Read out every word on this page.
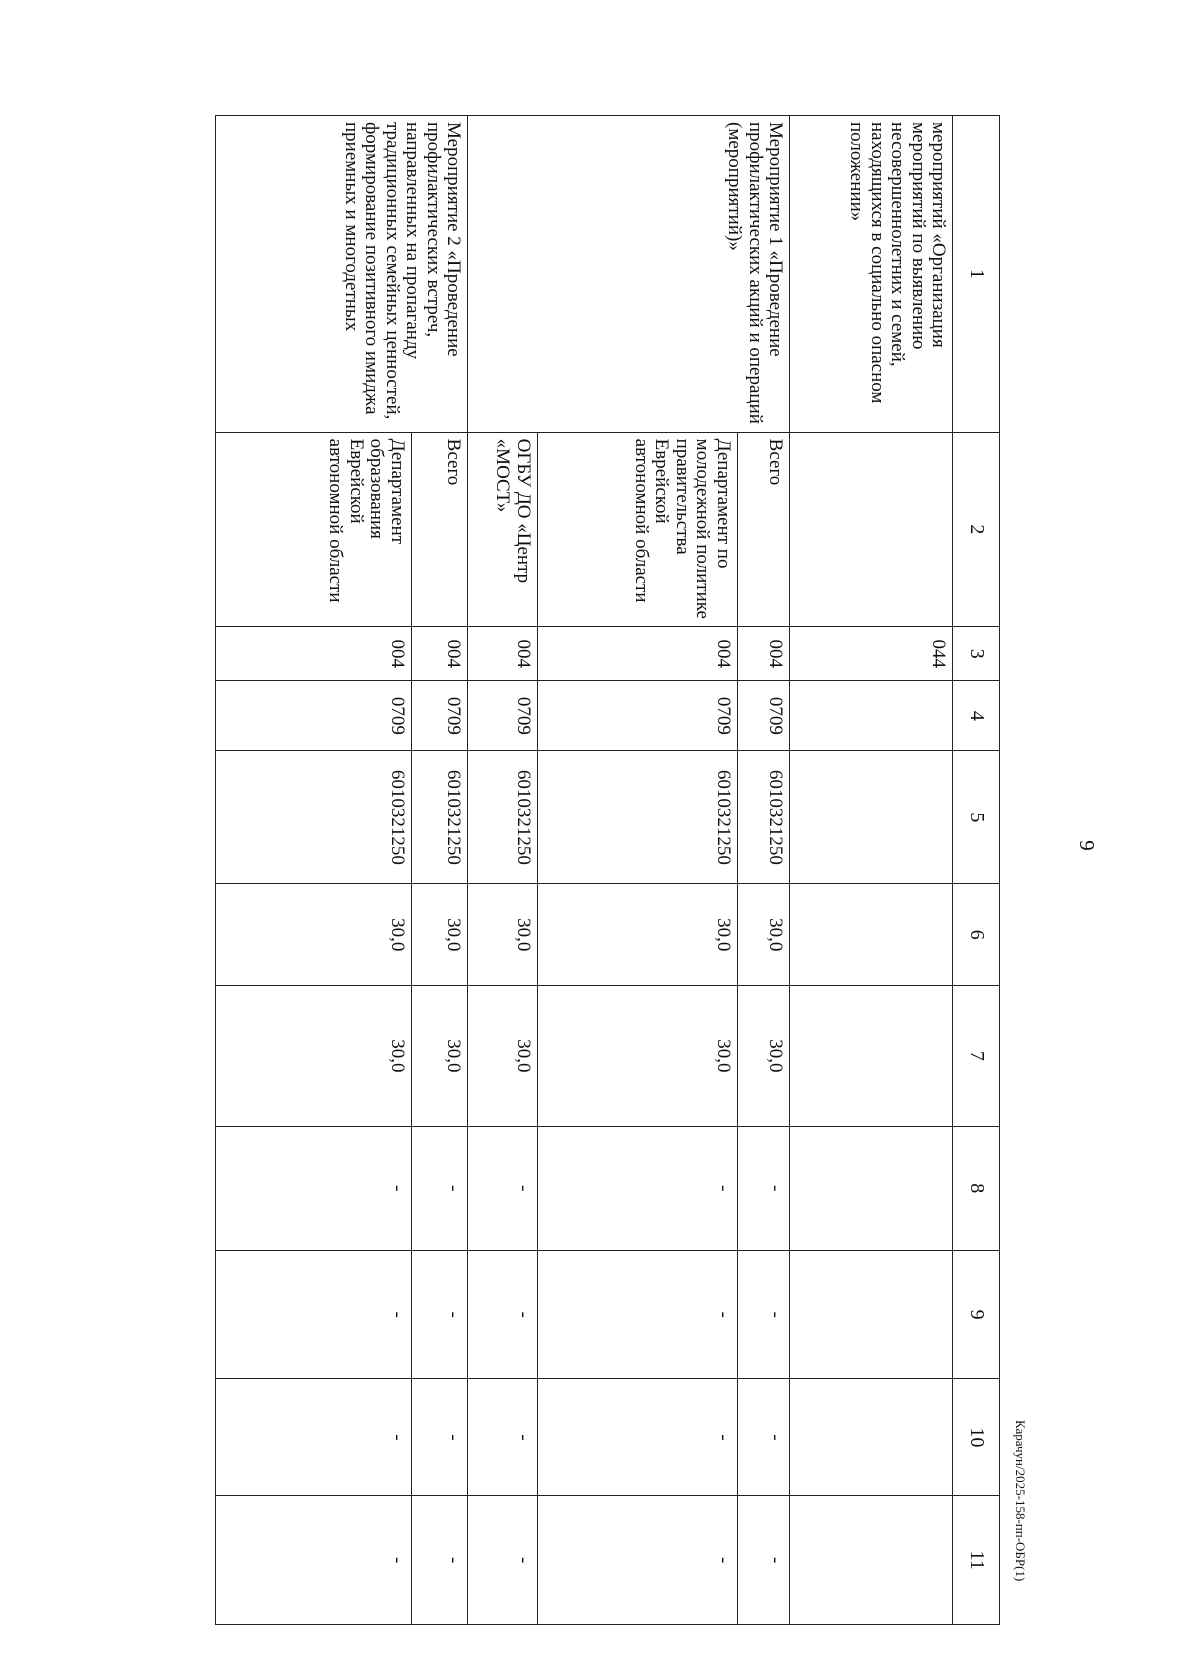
9
1	2	3	4	5	6	7	8	9	10	11
мероприятий «Организация мероприятий по выявлению несовершеннолетних и семей, находящихся в социально опасном положении»		044								
Мероприятие 1 «Проведение профилактических акций и операций (мероприятий)»	Всего	004	0709	6010321250	30,0	30,0	-	-	-	-
	Департамент по молодежной политике правительства Еврейской автономной области	004	0709	6010321250	30,0	30,0	-	-	-	-
	ОГБУ ДО «Центр «МОСТ»	004	0709	6010321250	30,0	30,0	-	-	-	-
Мероприятие 2 «Проведение профилактических встреч, направленных на пропаганду традиционных семейных ценностей, формирование позитивного имиджа приемных и многодетных	Всего	004	0709	6010321250	30,0	30,0	-	-	-	-
	Департамент образования Еврейской автономной области	004	0709	6010321250	30,0	30,0	-	-	-	-	Карачун/2025-158-пп-ОБР(1)
